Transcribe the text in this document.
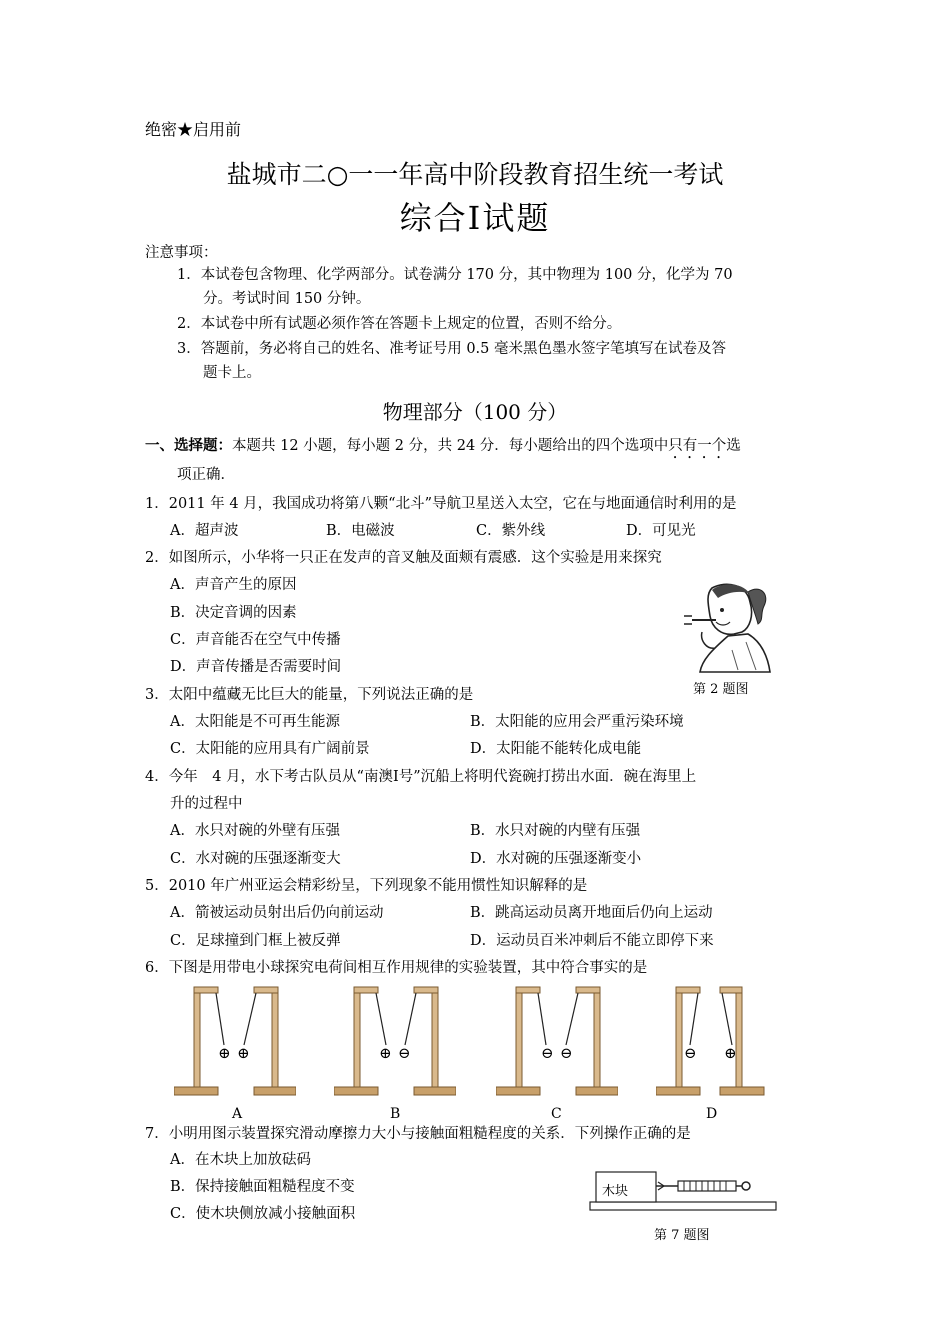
绝密★启用前
盐城市二○一一年高中阶段教育招生统一考试
综合Ⅰ试题
注意事项：
1．本试卷包含物理、化学两部分。试卷满分 170 分，其中物理为 100 分，化学为 70
分。考试时间 150 分钟。
2．本试卷中所有试题必须作答在答题卡上规定的位置，否则不给分。
3．答题前，务必将自己的姓名、准考证号用 0.5 毫米黑色墨水签字笔填写在试卷及答
题卡上。
物理部分（100 分）
一、选择题：本题共 12 小题，每小题 2 分，共 24 分．每小题给出的四个选项中只有一个选
项正确．
1．2011 年 4 月，我国成功将第八颗“北斗”导航卫星送入太空，它在与地面通信时利用的是
A．超声波	B．电磁波	C．紫外线	D．可见光
2．如图所示，小华将一只正在发声的音叉触及面颊有震感．这个实验是用来探究
A．声音产生的原因
B．决定音调的因素
C．声音能否在空气中传播
D．声音传播是否需要时间
第 2 题图
3．太阳中蕴藏无比巨大的能量，下列说法正确的是
A．太阳能是不可再生能源	B．太阳能的应用会严重污染环境
C．太阳能的应用具有广阔前景	D．太阳能不能转化成电能
4．今年　4 月，水下考古队员从“南澳Ⅰ号”沉船上将明代瓷碗打捞出水面．碗在海里上
升的过程中
A．水只对碗的外壁有压强	B．水只对碗的内壁有压强
C．水对碗的压强逐渐变大	D．水对碗的压强逐渐变小
5．2010 年广州亚运会精彩纷呈，下列现象不能用惯性知识解释的是
A．箭被运动员射出后仍向前运动	B．跳高运动员离开地面后仍向上运动
C．足球撞到门框上被反弹	D．运动员百米冲刺后不能立即停下来
6．下图是用带电小球探究电荷间相互作用规律的实验装置，其中符合事实的是
⊕ ⊕	⊕ ⊖	⊖ ⊖	⊖ ⊕
A	B	C	D
7．小明用图示装置探究滑动摩擦力大小与接触面粗糙程度的关系．下列操作正确的是
A．在木块上加放砝码
B．保持接触面粗糙程度不变
C．使木块侧放减小接触面积
木块
第 7 题图
